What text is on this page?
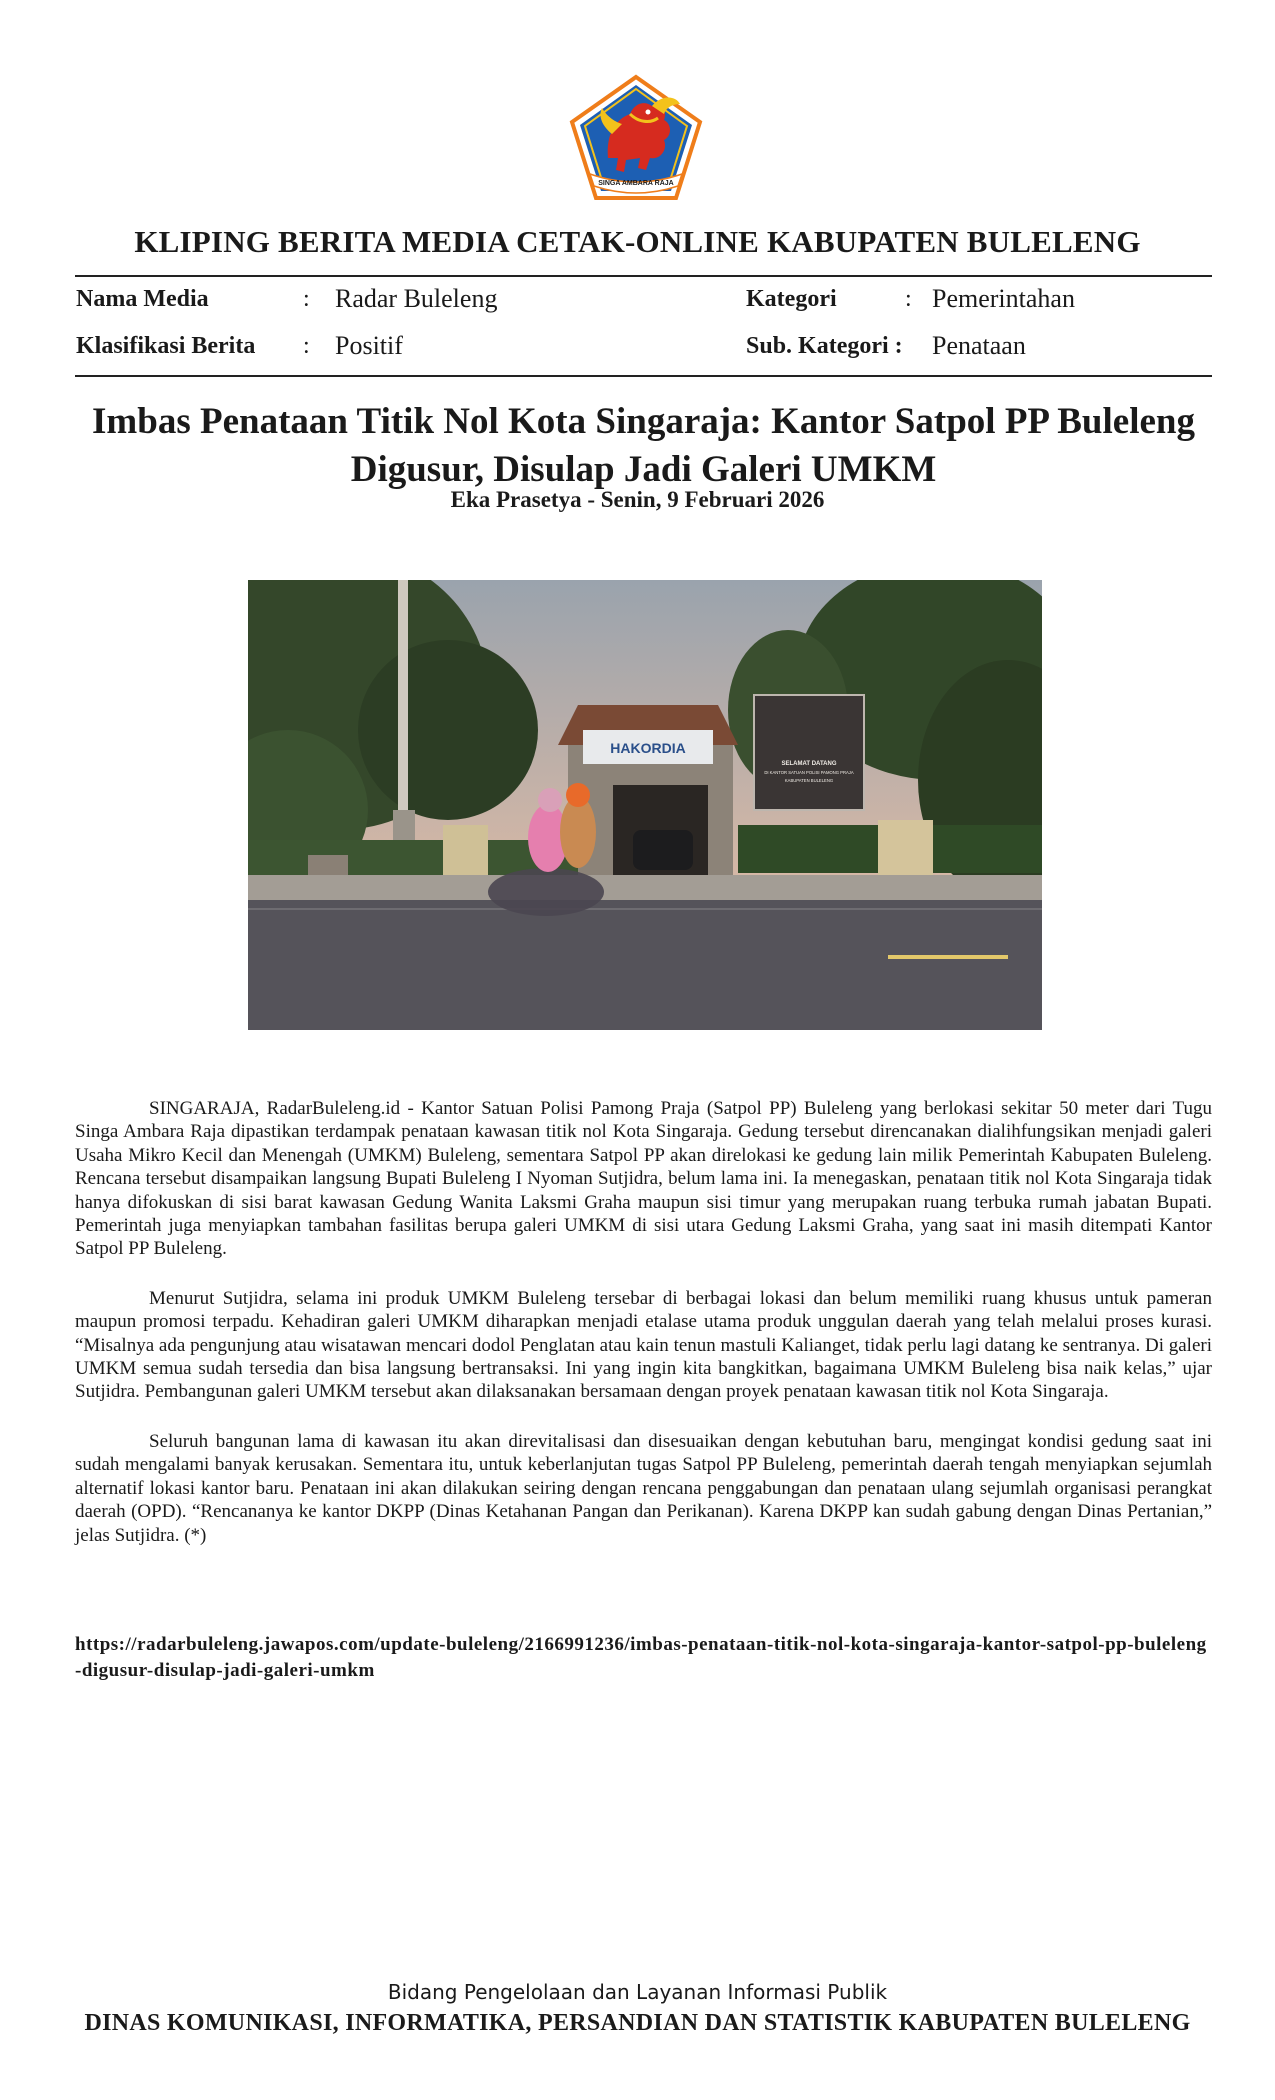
SINGA AMBARA RAJA
KLIPING BERITA MEDIA CETAK-ONLINE KABUPATEN BULELENG
Nama Media	: Radar Buleleng	Kategori	: Pemerintahan
Klasifikasi Berita : Positif	Sub. Kategori : Penataan
Imbas Penataan Titik Nol Kota Singaraja: Kantor Satpol PP Buleleng Digusur, Disulap Jadi Galeri UMKM
Eka Prasetya - Senin, 9 Februari 2026
HAKORDIA
SELAMAT DATANG
DI KANTOR SATUAN POLISI PAMONG PRAJA
KABUPATEN BULELENG

SINGARAJA, RadarBuleleng.id - Kantor Satuan Polisi Pamong Praja (Satpol PP) Buleleng yang berlokasi sekitar 50 meter dari Tugu Singa Ambara Raja dipastikan terdampak penataan kawasan titik nol Kota Singaraja. Gedung tersebut direncanakan dialihfungsikan menjadi galeri Usaha Mikro Kecil dan Menengah (UMKM) Buleleng, sementara Satpol PP akan direlokasi ke gedung lain milik Pemerintah Kabupaten Buleleng. Rencana tersebut disampaikan langsung Bupati Buleleng I Nyoman Sutjidra, belum lama ini. Ia menegaskan, penataan titik nol Kota Singaraja tidak hanya difokuskan di sisi barat kawasan Gedung Wanita Laksmi Graha maupun sisi timur yang merupakan ruang terbuka rumah jabatan Bupati. Pemerintah juga menyiapkan tambahan fasilitas berupa galeri UMKM di sisi utara Gedung Laksmi Graha, yang saat ini masih ditempati Kantor Satpol PP Buleleng.

Menurut Sutjidra, selama ini produk UMKM Buleleng tersebar di berbagai lokasi dan belum memiliki ruang khusus untuk pameran maupun promosi terpadu. Kehadiran galeri UMKM diharapkan menjadi etalase utama produk unggulan daerah yang telah melalui proses kurasi. “Misalnya ada pengunjung atau wisatawan mencari dodol Penglatan atau kain tenun mastuli Kalianget, tidak perlu lagi datang ke sentranya. Di galeri UMKM semua sudah tersedia dan bisa langsung bertransaksi. Ini yang ingin kita bangkitkan, bagaimana UMKM Buleleng bisa naik kelas,” ujar Sutjidra. Pembangunan galeri UMKM tersebut akan dilaksanakan bersamaan dengan proyek penataan kawasan titik nol Kota Singaraja.

Seluruh bangunan lama di kawasan itu akan direvitalisasi dan disesuaikan dengan kebutuhan baru, mengingat kondisi gedung saat ini sudah mengalami banyak kerusakan. Sementara itu, untuk keberlanjutan tugas Satpol PP Buleleng, pemerintah daerah tengah menyiapkan sejumlah alternatif lokasi kantor baru. Penataan ini akan dilakukan seiring dengan rencana penggabungan dan penataan ulang sejumlah organisasi perangkat daerah (OPD). “Rencananya ke kantor DKPP (Dinas Ketahanan Pangan dan Perikanan). Karena DKPP kan sudah gabung dengan Dinas Pertanian,” jelas Sutjidra. (*)

https://radarbuleleng.jawapos.com/update-buleleng/2166991236/imbas-penataan-titik-nol-kota-singaraja-kantor-satpol-pp-buleleng-digusur-disulap-jadi-galeri-umkm
Bidang Pengelolaan dan Layanan Informasi Publik
DINAS KOMUNIKASI, INFORMATIKA, PERSANDIAN DAN STATISTIK KABUPATEN BULELENG
